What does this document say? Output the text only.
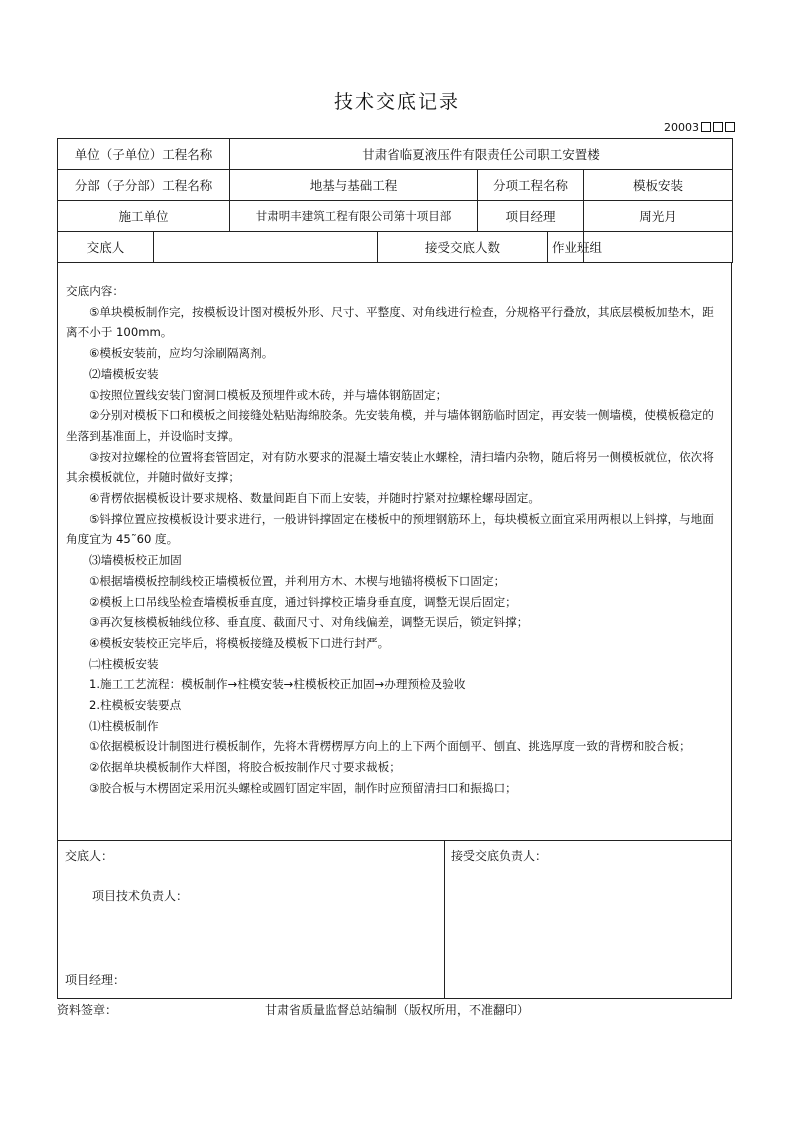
技术交底记录
20003
单位（子单位）工程名称		甘肃省临夏液压件有限责任公司职工安置楼				
分部（子分部）工程名称		地基与基础工程		分项工程名称		模板安装
施工单位		甘肃明丰建筑工程有限公司第十项目部		项目经理		周光月
交底人			接受交底人数		作业班组	

交底内容：

⑤单块模板制作完，按模板设计图对模板外形、尺寸、平整度、对角线进行检查，分规格平行叠放，其底层模板加垫木，距离不小于 100mm。

⑥模板安装前，应均匀涂刷隔离剂。

⑵墙模板安装

①按照位置线安装门窗洞口模板及预埋件或木砖，并与墙体钢筋固定；

②分别对模板下口和模板之间接缝处粘贴海绵胶条。先安装角模，并与墙体钢筋临时固定，再安装一侧墙模，使模板稳定的坐落到基准面上，并设临时支撑。

③按对拉螺栓的位置将套管固定，对有防水要求的混凝土墙安装止水螺栓，清扫墙内杂物，随后将另一侧模板就位，依次将其余模板就位，并随时做好支撑；

④背楞依据模板设计要求规格、数量间距自下而上安装，并随时拧紧对拉螺栓螺母固定。

⑤钭撑位置应按模板设计要求进行，一般讲钭撑固定在楼板中的预埋钢筋环上，每块模板立面宜采用两根以上钭撑，与地面角度宜为 45˜60 度。

⑶墙模板校正加固

①根据墙模板控制线校正墙模板位置，并利用方木、木楔与地锚将模板下口固定；

②模板上口吊线坠检查墙模板垂直度，通过钭撑校正墙身垂直度，调整无误后固定；

③再次复核模板轴线位移、垂直度、截面尺寸、对角线偏差，调整无误后，锁定钭撑；

④模板安装校正完毕后，将模板接缝及模板下口进行封严。

㈡柱模板安装

1.施工工艺流程：模板制作→柱模安装→柱模板校正加固→办理预检及验收

2.柱模板安装要点

⑴柱模板制作

①依据模板设计制图进行模板制作，先将木背楞楞厚方向上的上下两个面刨平、刨直、挑选厚度一致的背楞和胶合板；

②依据单块模板制作大样图，将胶合板按制作尺寸要求裁板；

③胶合板与木楞固定采用沉头螺栓或圆钉固定牢固，制作时应预留清扫口和振捣口；

交底人：
项目技术负责人：
项目经理：
接受交底负责人：
资料签章：	甘肃省质量监督总站编制（版权所用，不准翻印）
